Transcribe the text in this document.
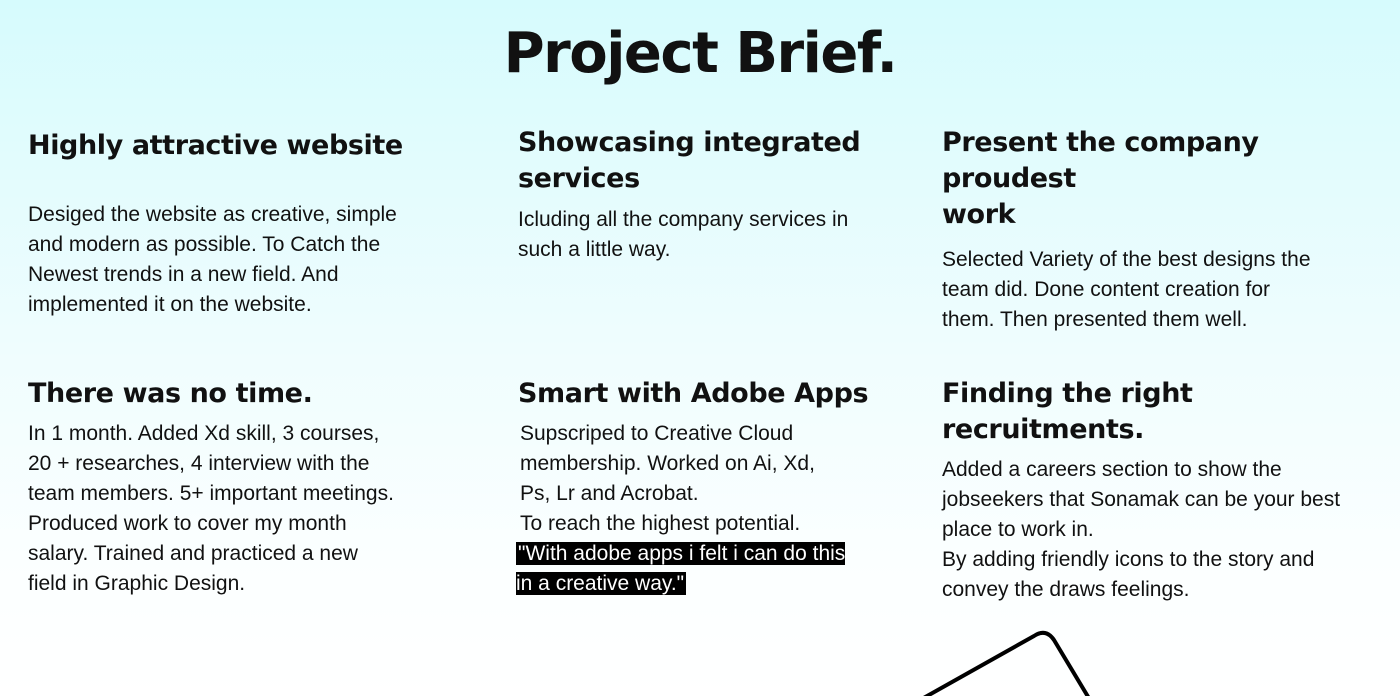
Project Brief.
Highly attractive website

Desiged the website as creative, simple
and modern as possible. To Catch the
Newest trends in a new field. And
implemented it on the website.

Showcasing integrated
services

Icluding all the company services in
such a little way.

Present the company proudest
work

Selected Variety of the best designs the
team did. Done content creation for
them. Then presented them well.

There was no time.

In 1 month. Added Xd skill, 3 courses,
20 + researches, 4 interview with the
team members. 5+ important meetings.
Produced work to cover my month
salary. Trained and practiced a new
field in Graphic Design.

Smart with Adobe Apps

Supscriped to Creative Cloud
membership. Worked on Ai, Xd,
Ps, Lr and Acrobat.
To reach the highest potential.

"With adobe apps i felt i can do this in a creative way."
Finding the right recruitments.

Added a careers section to show the
jobseekers that Sonamak can be your best
place to work in.
By adding friendly icons to the story and
convey the draws feelings.
